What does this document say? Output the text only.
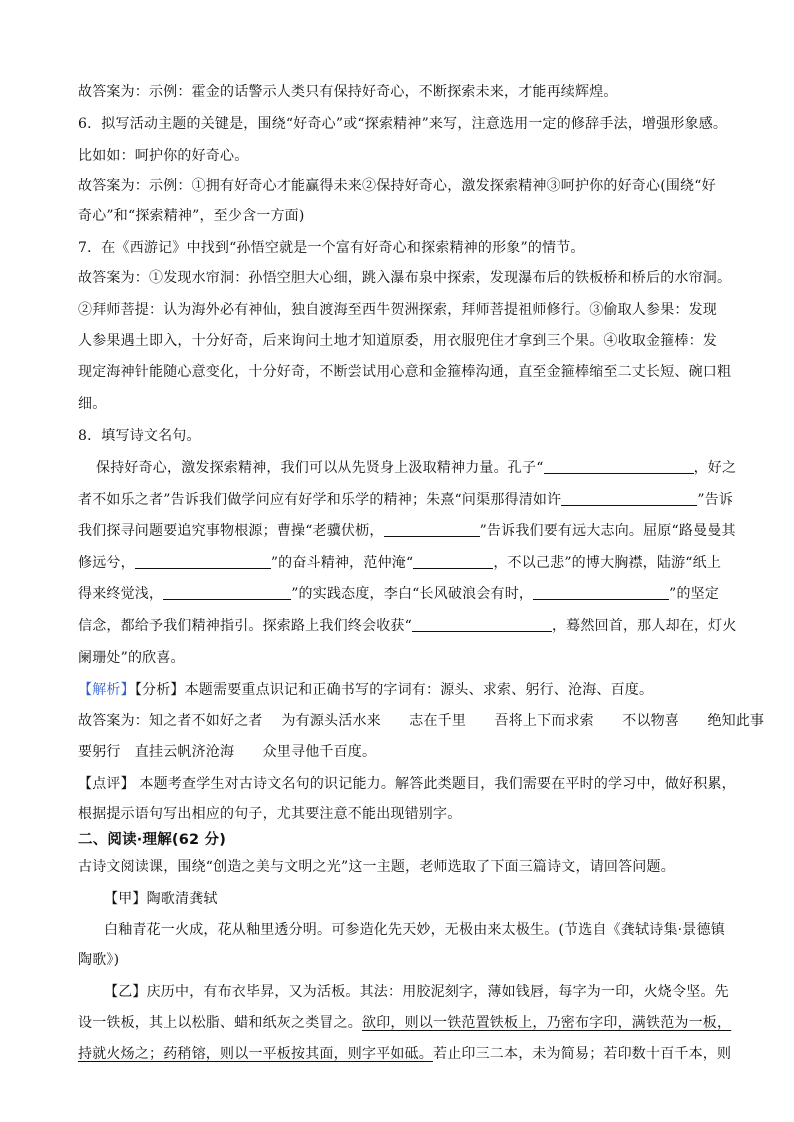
故答案为：示例：霍金的话警示人类只有保持好奇心，不断探索未来，才能再续辉煌。
6．拟写活动主题的关键是，围绕“好奇心”或“探索精神”来写，注意选用一定的修辞手法，增强形象感。
比如如：呵护你的好奇心。
故答案为：示例：①拥有好奇心才能赢得未来②保持好奇心，激发探索精神③呵护你的好奇心(围绕“好
奇心”和“探索精神”，至少含一方面)
7．在《西游记》中找到“孙悟空就是一个富有好奇心和探索精神的形象”的情节。
故答案为：①发现水帘洞：孙悟空胆大心细，跳入瀑布泉中探索，发现瀑布后的铁板桥和桥后的水帘洞。
②拜师菩提：认为海外必有神仙，独自渡海至西牛贺洲探索，拜师菩提祖师修行。③偷取人参果：发现
人参果遇土即入，十分好奇，后来询问土地才知道原委，用衣服兜住才拿到三个果。④收取金箍棒：发
现定海神针能随心意变化，十分好奇，不断尝试用心意和金箍棒沟通，直至金箍棒缩至二丈长短、碗口粗
细。
8．填写诗文名句。
保持好奇心，激发探索精神，我们可以从先贤身上汲取精神力量。孔子“	，好之
者不如乐之者”告诉我们做学问应有好学和乐学的精神；朱熹“问渠那得清如许	”告诉
我们探寻问题要追究事物根源；曹操“老骥伏枥，	”告诉我们要有远大志向。屈原“路曼曼其
修远兮，	”的奋斗精神，范仲淹“	，不以己悲”的博大胸襟，陆游“纸上
得来终觉浅，	”的实践态度，李白“长风破浪会有时，	”的坚定
信念，都给予我们精神指引。探索路上我们终会收获“	，蓦然回首，那人却在，灯火
阑珊处”的欣喜。
【解析】【分析】本题需要重点识记和正确书写的字词有：源头、求索、躬行、沧海、百度。
故答案为：知之者不如好之者　 为有源头活水来　　志在千里　　吾将上下而求索　　不以物喜　　绝知此事
要躬行　直挂云帆济沧海　　众里寻他千百度。
【点评】 本题考查学生对古诗文名句的识记能力。解答此类题目，我们需要在平时的学习中，做好积累，
根据提示语句写出相应的句子，尤其要注意不能出现错别字。
二、阅读·理解(62 分)
古诗文阅读课，围绕“创造之美与文明之光”这一主题，老师选取了下面三篇诗文，请回答问题。
【甲】陶歌清龚轼
白釉青花一火成，花从釉里透分明。可参造化先天妙，无极由来太极生。(节选自《龚轼诗集·景德镇
陶歌》)
【乙】庆历中，有布衣毕昇，又为活板。其法：用胶泥刻字，薄如钱唇，每字为一印，火烧令坚。先
设一铁板，其上以松脂、蜡和纸灰之类冒之。欲印，则以一铁范置铁板上，乃密布字印，满铁范为一板，
持就火炀之；药稍镕，则以一平板按其面，则字平如砥。若止印三二本，未为简易；若印数十百千本，则
